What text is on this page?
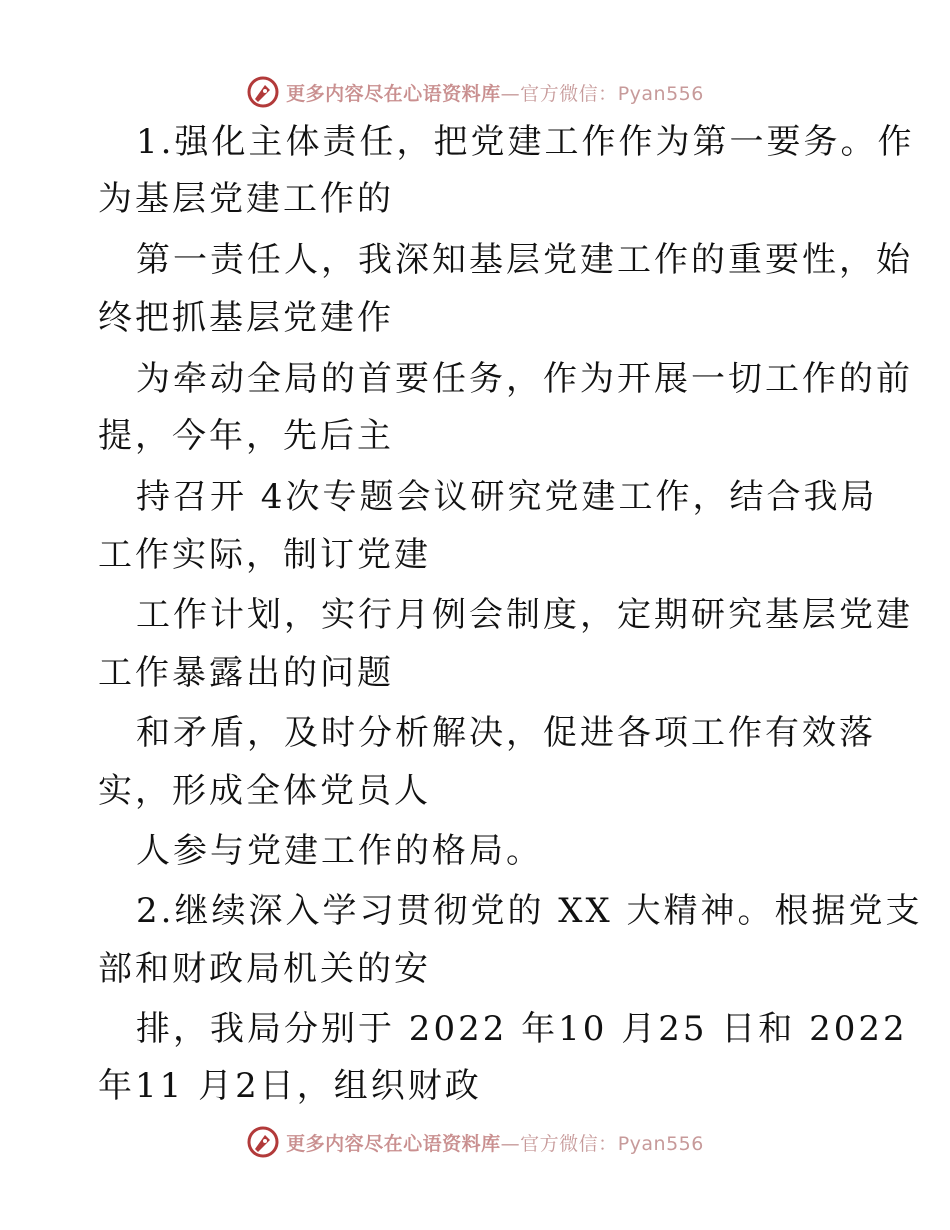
更多内容尽在心语资料库—官方微信：Pyan556
1.强化主体责任，把党建工作作为第一要务。作
为基层党建工作的
第一责任人，我深知基层党建工作的重要性，始
终把抓基层党建作
为牵动全局的首要任务，作为开展一切工作的前
提，今年，先后主
持召开 4次专题会议研究党建工作，结合我局
工作实际，制订党建
工作计划，实行月例会制度，定期研究基层党建
工作暴露出的问题
和矛盾，及时分析解决，促进各项工作有效落
实，形成全体党员人
人参与党建工作的格局。
2.继续深入学习贯彻党的 XX 大精神。根据党支
部和财政局机关的安
排，我局分别于 2022 年10 月25 日和 2022
年11 月2日，组织财政
更多内容尽在心语资料库—官方微信：Pyan556
